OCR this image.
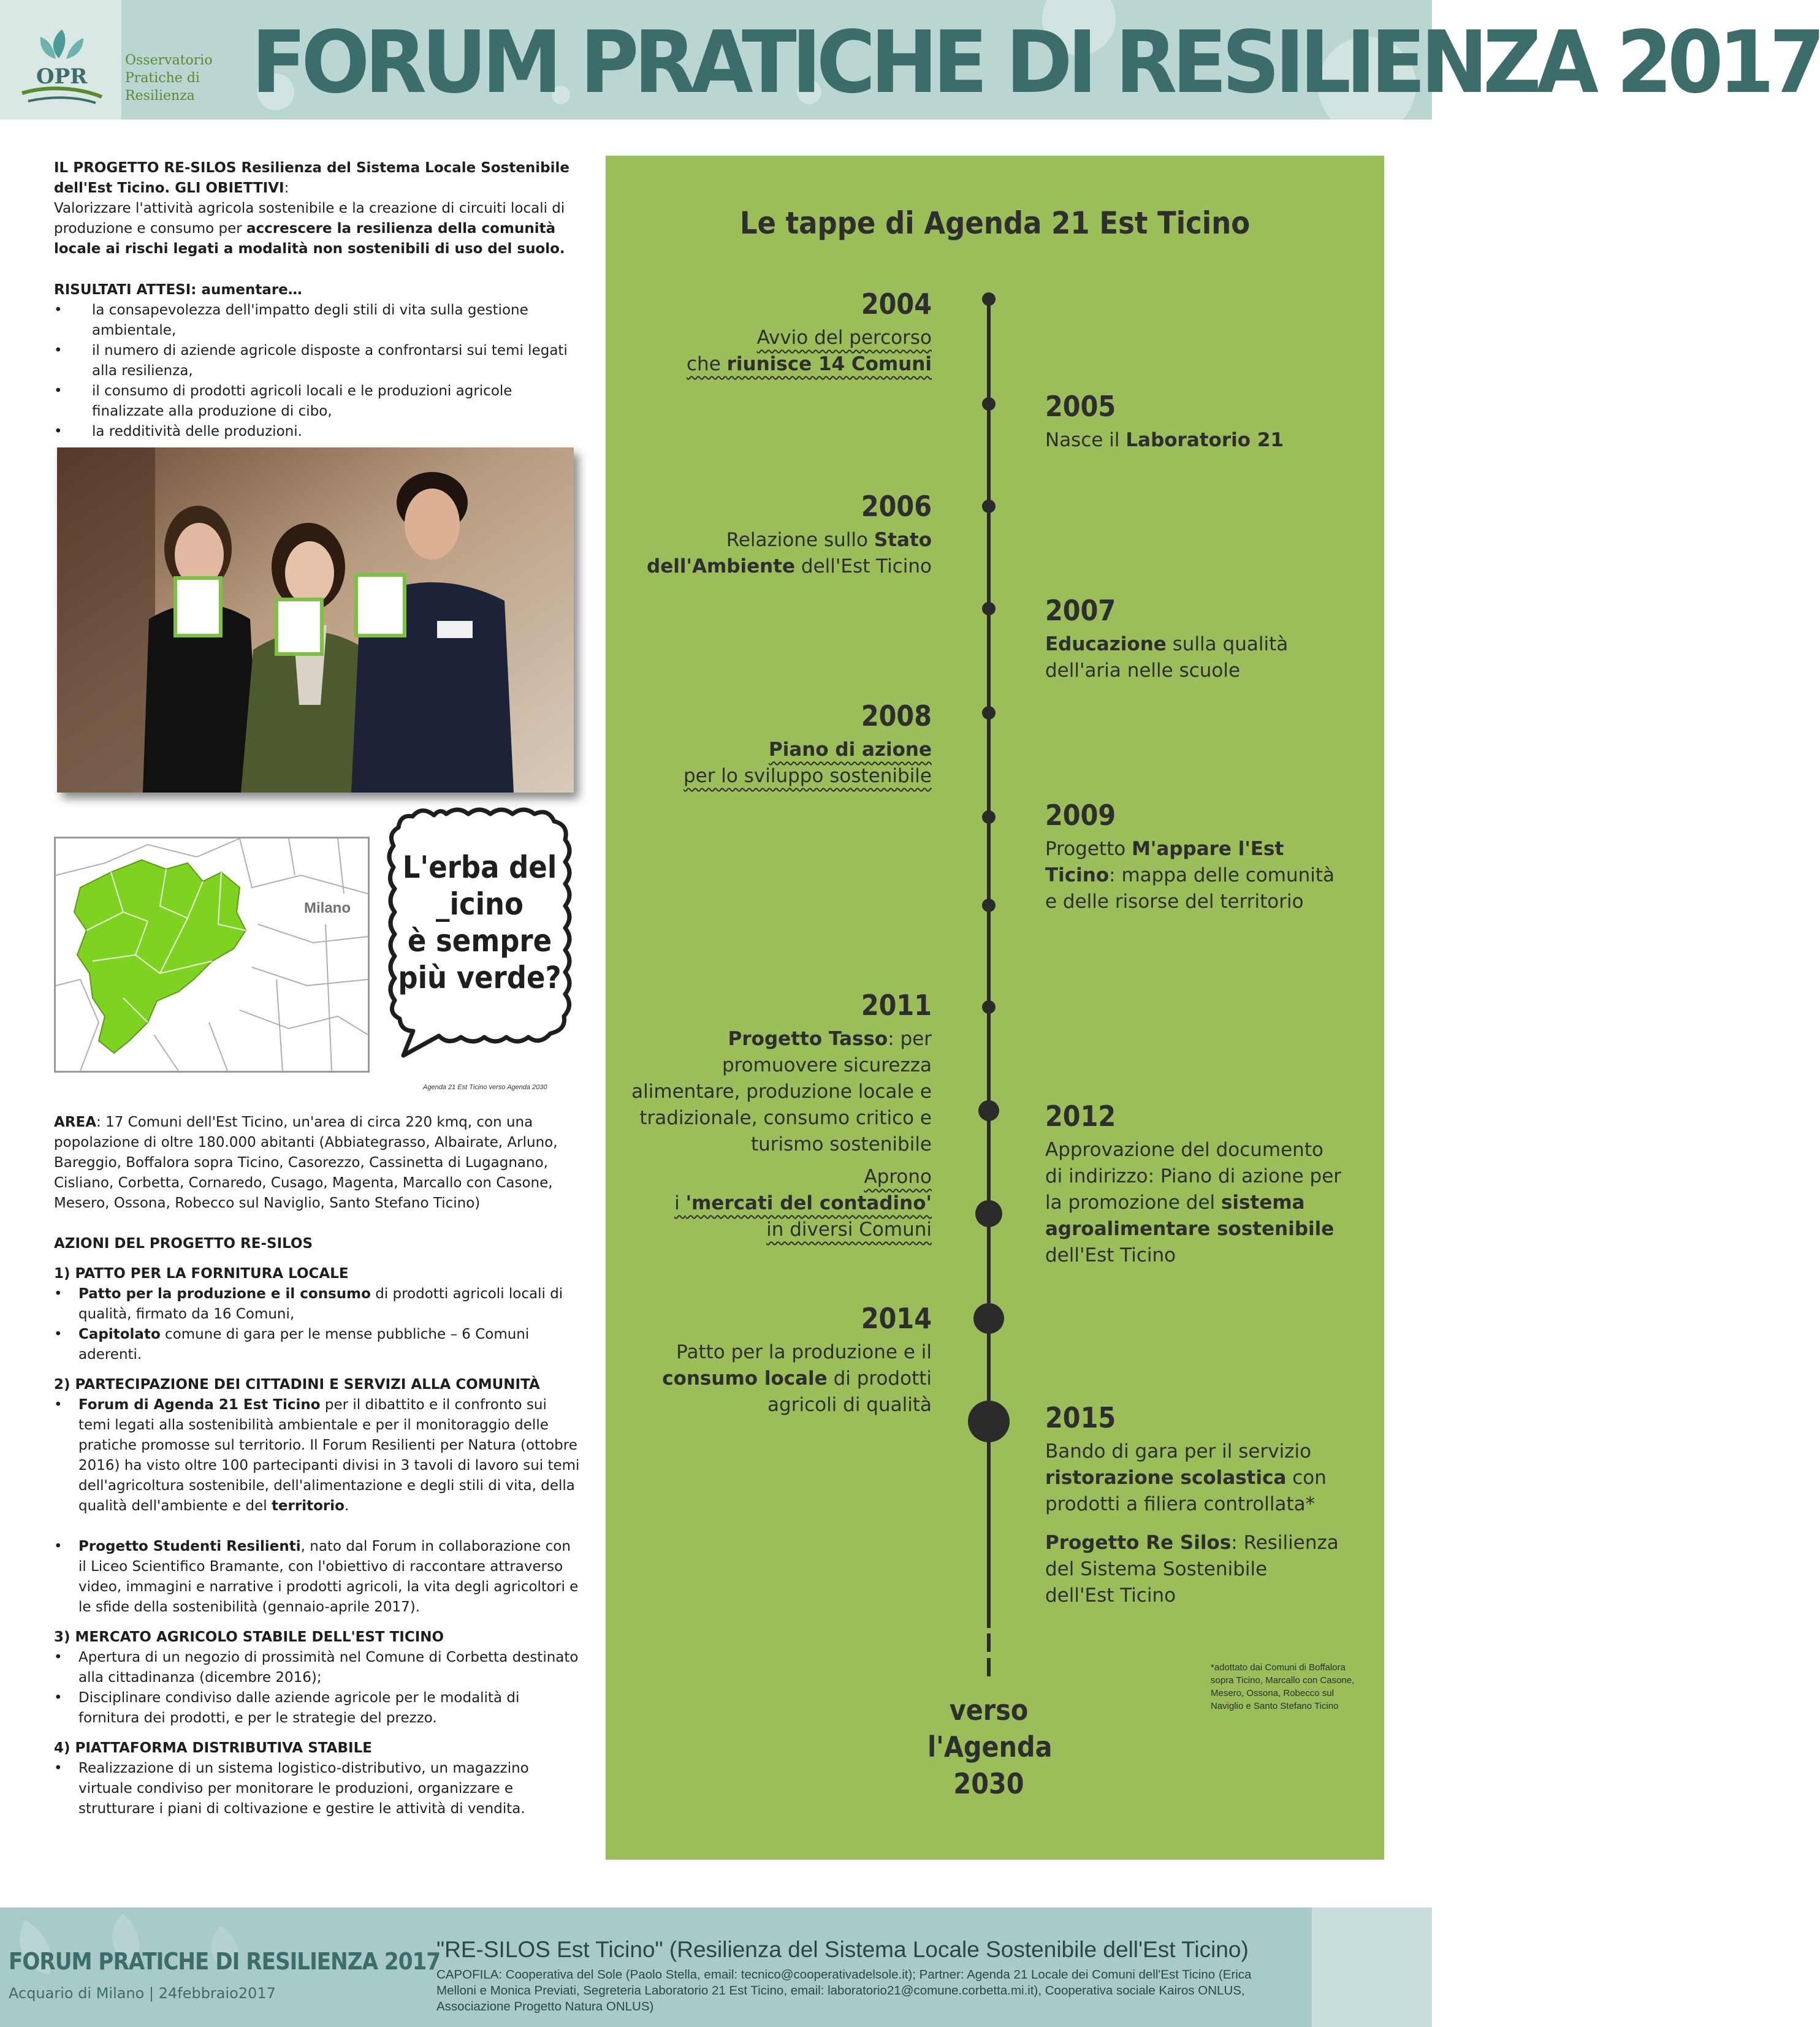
OPR
Osservatorio
Pratiche di
Resilienza FORUM PRATICHE DI RESILIENZA 2017

IL PROGETTO RE-SILOS Resilienza del Sistema Locale Sostenibile dell'Est Ticino. GLI OBIETTIVI:

Valorizzare l'attività agricola sostenibile e la creazione di circuiti locali di produzione e consumo per accrescere la resilienza della comunità locale ai rischi legati a modalità non sostenibili di uso del suolo.

RISULTATI ATTESI: aumentare…

• la consapevolezza dell'impatto degli stili di vita sulla gestione ambientale,
• il numero di aziende agricole disposte a confrontarsi sui temi legati alla resilienza,
• il consumo di prodotti agricoli locali e le produzioni agricole finalizzate alla produzione di cibo,
• la redditività delle produzioni.
Milano
L'erba del
_icino
è sempre
più verde?
Agenda 21 Est Ticino verso Agenda 2030

AREA: 17 Comuni dell'Est Ticino, un'area di circa 220 kmq, con una popolazione di oltre 180.000 abitanti (Abbiategrasso, Albairate, Arluno, Bareggio, Boffalora sopra Ticino, Casorezzo, Cassinetta di Lugagnano, Cisliano, Corbetta, Cornaredo, Cusago, Magenta, Marcallo con Casone, Mesero, Ossona, Robecco sul Naviglio, Santo Stefano Ticino)

AZIONI DEL PROGETTO RE-SILOS

1) PATTO PER LA FORNITURA LOCALE

• Patto per la produzione e il consumo di prodotti agricoli locali di qualità, firmato da 16 Comuni,
• Capitolato comune di gara per le mense pubbliche – 6 Comuni aderenti.

2) PARTECIPAZIONE DEI CITTADINI E SERVIZI ALLA COMUNITÀ

• Forum di Agenda 21 Est Ticino per il dibattito e il confronto sui temi legati alla sostenibilità ambientale e per il monitoraggio delle pratiche promosse sul territorio. Il Forum Resilienti per Natura (ottobre 2016) ha visto oltre 100 partecipanti divisi in 3 tavoli di lavoro sui temi dell'agricoltura sostenibile, dell'alimentazione e degli stili di vita, della qualità dell'ambiente e del territorio.
• Progetto Studenti Resilienti, nato dal Forum in collaborazione con il Liceo Scientifico Bramante, con l'obiettivo di raccontare attraverso video, immagini e narrative i prodotti agricoli, la vita degli agricoltori e le sfide della sostenibilità (gennaio-aprile 2017).

3) MERCATO AGRICOLO STABILE DELL'EST TICINO

• Apertura di un negozio di prossimità nel Comune di Corbetta destinato alla cittadinanza (dicembre 2016);
• Disciplinare condiviso dalle aziende agricole per le modalità di fornitura dei prodotti, e per le strategie del prezzo.

4) PIATTAFORMA DISTRIBUTIVA STABILE

• Realizzazione di un sistema logistico-distributivo, un magazzino virtuale condiviso per monitorare le produzioni, organizzare e strutturare i piani di coltivazione e gestire le attività di vendita.
Le tappe di Agenda 21 Est Ticino
2004
Avvio del percorso
che riunisce 14 Comuni
2005
Nasce il Laboratorio 21
2006
Relazione sullo Stato
dell'Ambiente dell'Est Ticino
2007
Educazione sulla qualità
dell'aria nelle scuole
2008
Piano di azione
per lo sviluppo sostenibile
2009
Progetto M'appare l'Est
Ticino: mappa delle comunità
e delle risorse del territorio
2011
Progetto Tasso: per
promuovere sicurezza
alimentare, produzione locale e
tradizionale, consumo critico e
turismo sostenibile
Aprono
i 'mercati del contadino'
in diversi Comuni
2012
Approvazione del documento
di indirizzo: Piano di azione per
la promozione del sistema
agroalimentare sostenibile
dell'Est Ticino
2014
Patto per la produzione e il
consumo locale di prodotti
agricoli di qualità	2015
Bando di gara per il servizio
ristorazione scolastica con
prodotti a filiera controllata*
Progetto Re Silos: Resilienza
del Sistema Sostenibile
dell'Est Ticino
verso
l'Agenda
2030
*adottato dai Comuni di Boffalora sopra Ticino, Marcallo con Casone, Mesero, Ossona, Robecco sul Naviglio e Santo Stefano Ticino
FORUM PRATICHE DI RESILIENZA 2017
Acquario di Milano | 24febbraio2017
"RE-SILOS Est Ticino" (Resilienza del Sistema Locale Sostenibile dell'Est Ticino)
CAPOFILA: Cooperativa del Sole (Paolo Stella, email: tecnico@cooperativadelsole.it); Partner: Agenda 21 Locale dei Comuni dell'Est Ticino (Erica Melloni e Monica Previati, Segreteria Laboratorio 21 Est Ticino, email: laboratorio21@comune.corbetta.mi.it), Cooperativa sociale Kairos ONLUS, Associazione Progetto Natura ONLUS)
